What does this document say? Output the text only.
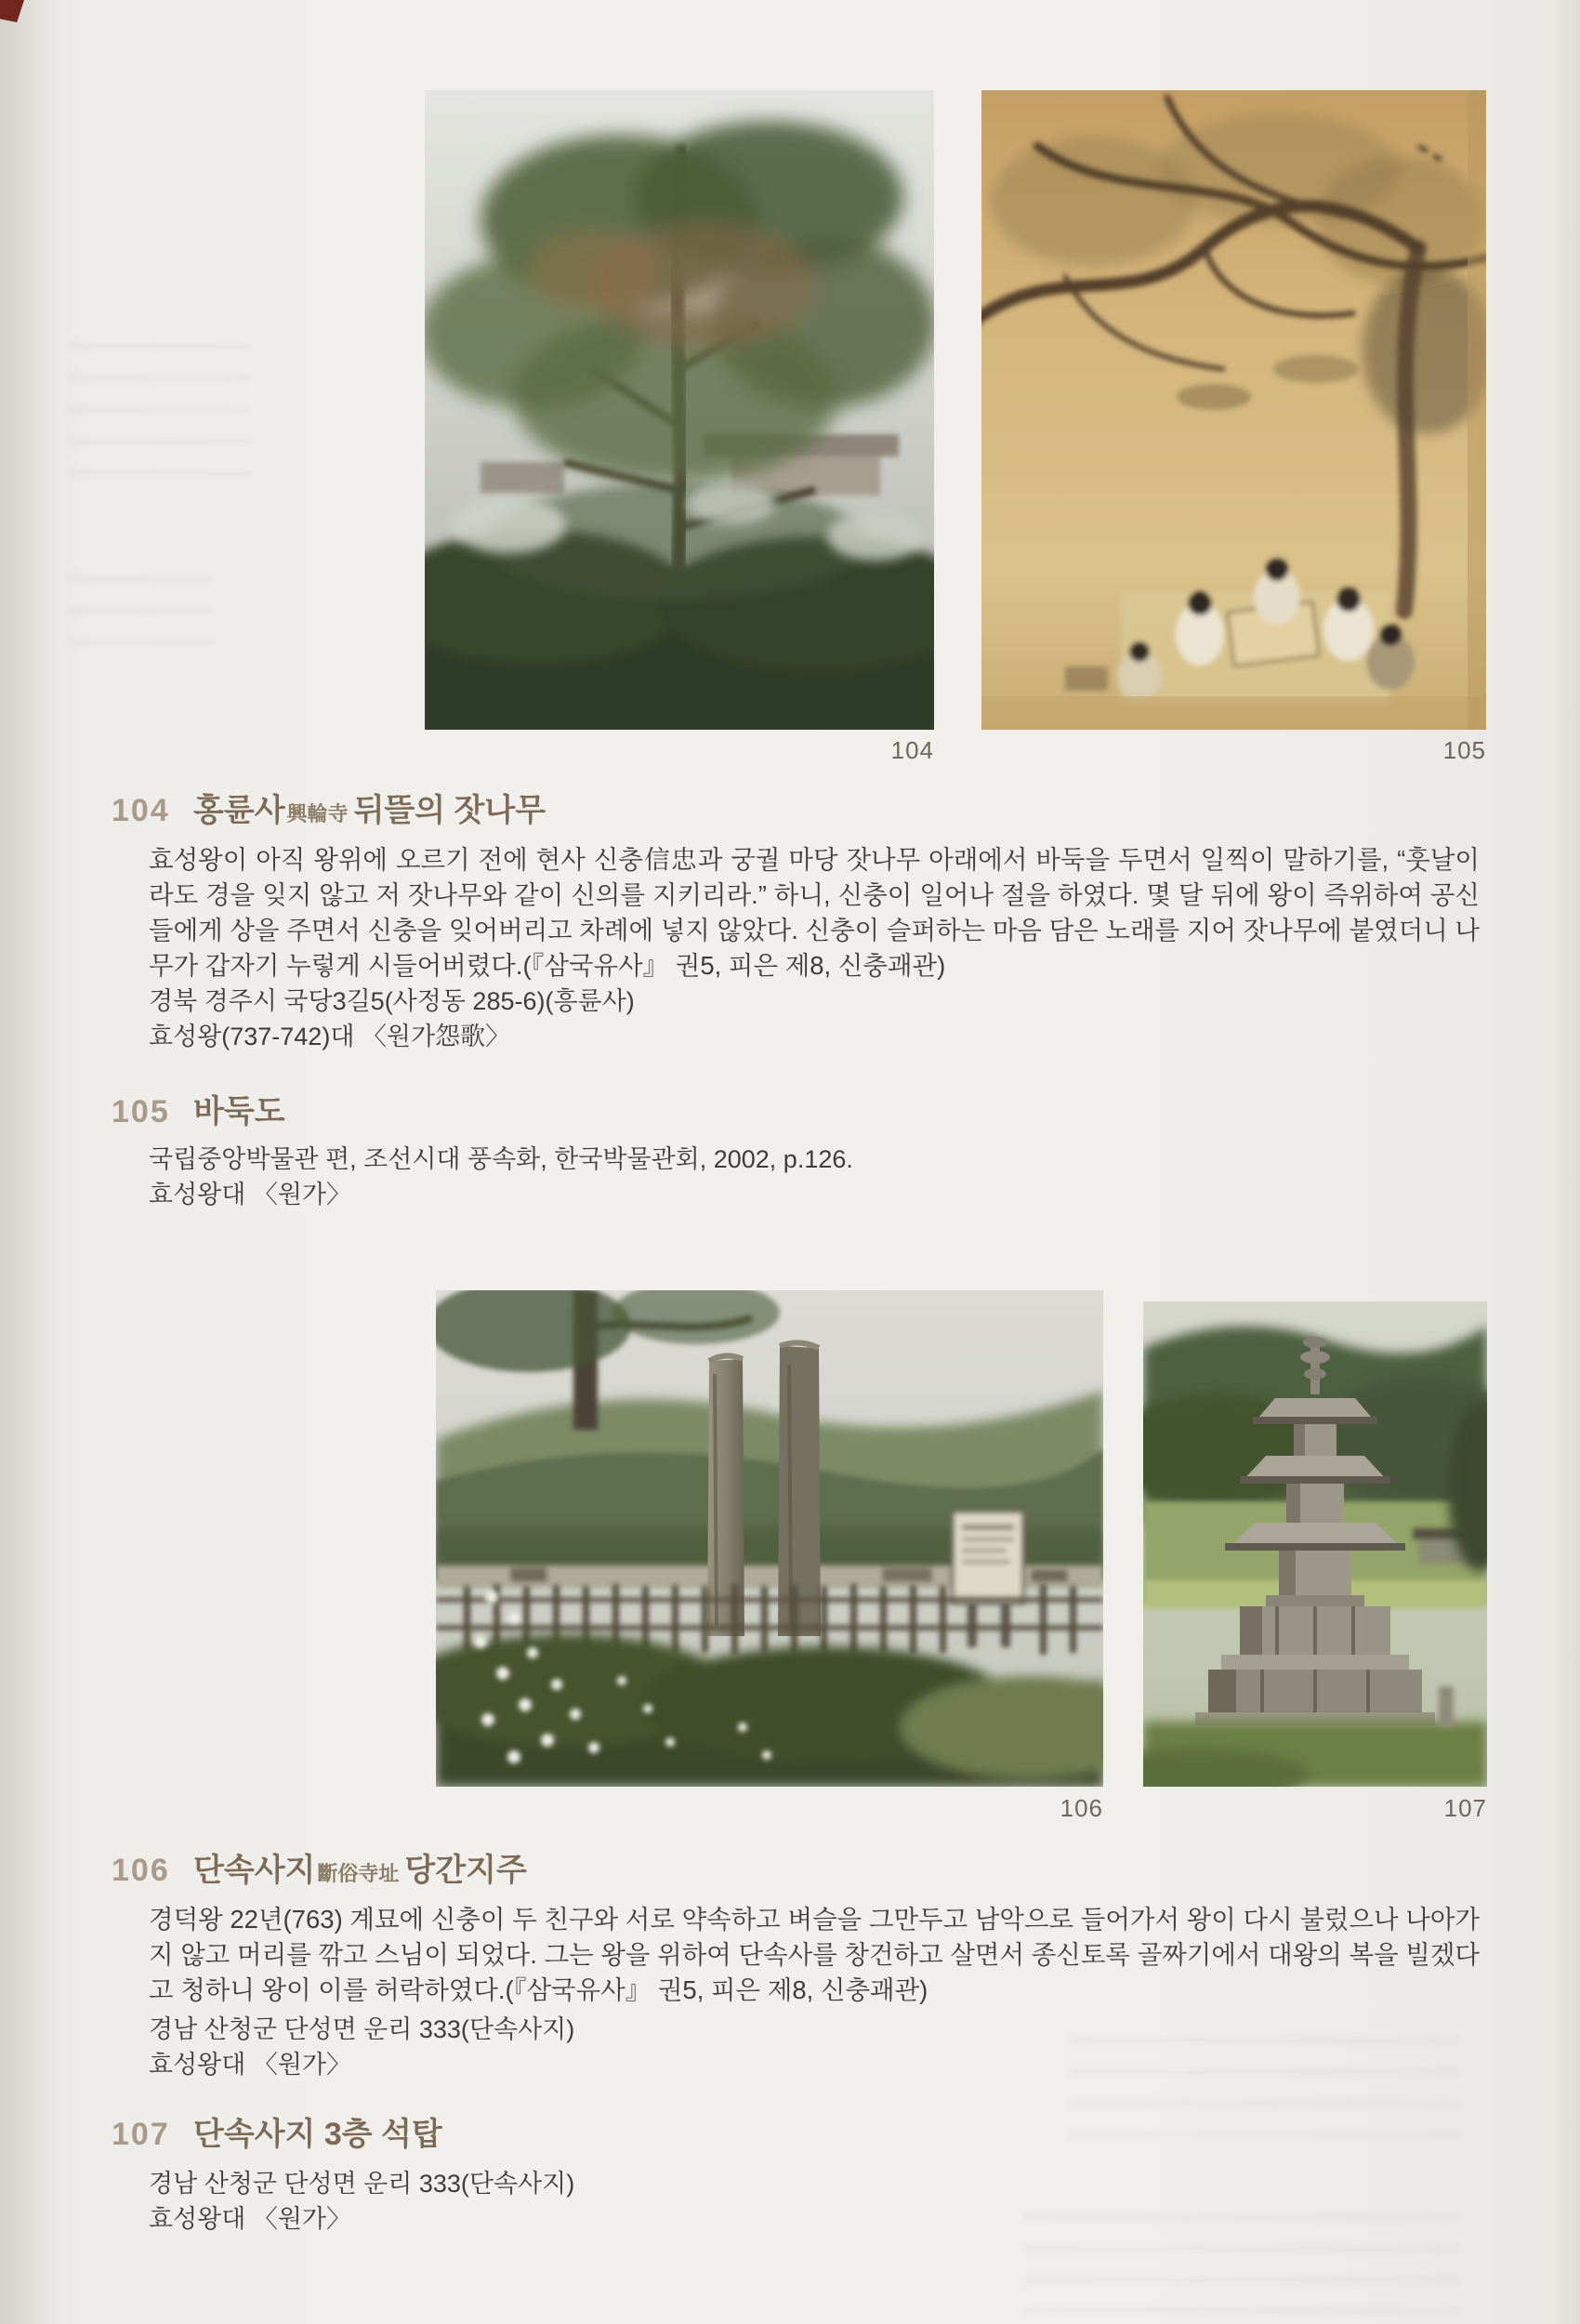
104	105
104 홍륜사 興輪寺 뒤뜰의 잣나무
효성왕이 아직 왕위에 오르기 전에 현사 신충信忠과 궁궐 마당 잣나무 아래에서 바둑을 두면서 일찍이 말하기를, “훗날이라도 경을 잊지 않고 저 잣나무와 같이 신의를 지키리라.” 하니, 신충이 일어나 절을 하였다. 몇 달 뒤에 왕이 즉위하여 공신들에게 상을 주면서 신충을 잊어버리고 차례에 넣지 않았다. 신충이 슬퍼하는 마음 담은 노래를 지어 잣나무에 붙였더니 나무가 갑자기 누렇게 시들어버렸다.(『삼국유사』 권5, 피은 제8, 신충괘관)
경북 경주시 국당3길5(사정동 285-6)(흥륜사)
효성왕(737-742)대 〈원가怨歌〉
105 바둑도
국립중앙박물관 편, 조선시대 풍속화, 한국박물관회, 2002, p.126.
효성왕대 〈원가〉
106	107
106 단속사지 斷俗寺址 당간지주
경덕왕 22년(763) 계묘에 신충이 두 친구와 서로 약속하고 벼슬을 그만두고 남악으로 들어가서 왕이 다시 불렀으나 나아가지 않고 머리를 깎고 스님이 되었다. 그는 왕을 위하여 단속사를 창건하고 살면서 종신토록 골짜기에서 대왕의 복을 빌겠다고 청하니 왕이 이를 허락하였다.(『삼국유사』 권5, 피은 제8, 신충괘관)
경남 산청군 단성면 운리 333(단속사지)
효성왕대 〈원가〉
107 단속사지 3층 석탑
경남 산청군 단성면 운리 333(단속사지)
효성왕대 〈원가〉
